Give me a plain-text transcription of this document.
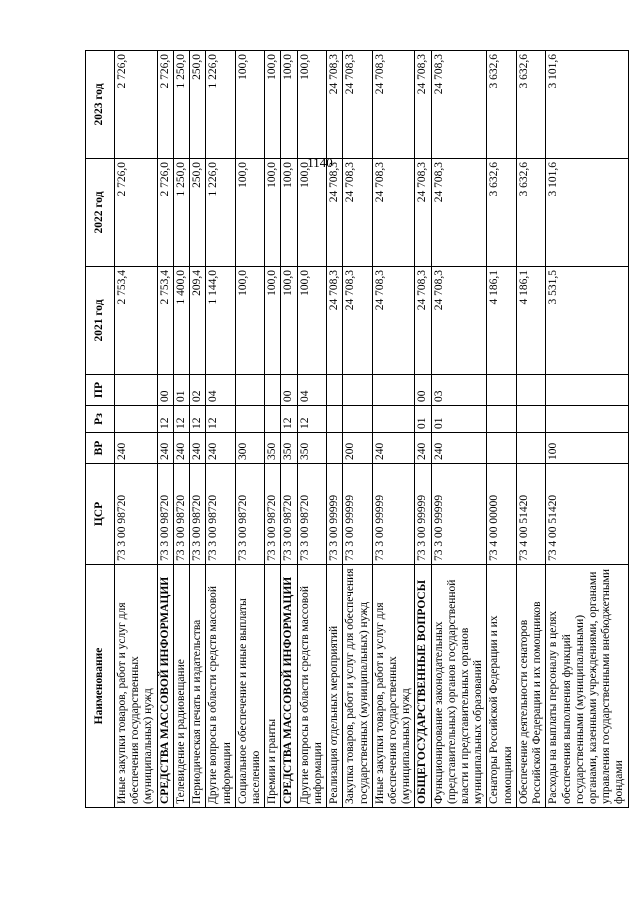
1140
Наименование	ЦСР	ВР	Рз	ПР	2021 год	2022 год	2023 год
Иные закупки товаров, работ и услуг для обеспечения государственных (муниципальных) нужд	73 3 00 98720	240			2 753,4	2 726,0	2 726,0
СРЕДСТВА МАССОВОЙ ИНФОРМАЦИИ	73 3 00 98720	240	12	00	2 753,4	2 726,0	2 726,0
Телевидение и радиовещание	73 3 00 98720	240	12	01	1 400,0	1 250,0	1 250,0
Периодическая печать и издательства	73 3 00 98720	240	12	02	209,4	250,0	250,0
Другие вопросы в области средств массовой информации	73 3 00 98720	240	12	04	1 144,0	1 226,0	1 226,0
Социальное обеспечение и иные выплаты населению	73 3 00 98720	300			100,0	100,0	100,0
Премии и гранты	73 3 00 98720	350			100,0	100,0	100,0
СРЕДСТВА МАССОВОЙ ИНФОРМАЦИИ	73 3 00 98720	350	12	00	100,0	100,0	100,0
Другие вопросы в области средств массовой информации	73 3 00 98720	350	12	04	100,0	100,0	100,0
Реализация отдельных мероприятий	73 3 00 99999				24 708,3	24 708,3	24 708,3
Закупка товаров, работ и услуг для обеспечения государственных (муниципальных) нужд	73 3 00 99999	200			24 708,3	24 708,3	24 708,3
Иные закупки товаров, работ и услуг для обеспечения государственных (муниципальных) нужд	73 3 00 99999	240			24 708,3	24 708,3	24 708,3
ОБЩЕГОСУДАРСТВЕННЫЕ ВОПРОСЫ	73 3 00 99999	240	01	00	24 708,3	24 708,3	24 708,3
Функционирование законодательных (представительных) органов государственной власти и представительных органов муниципальных образований	73 3 00 99999	240	01	03	24 708,3	24 708,3	24 708,3
Сенаторы Российской Федерации и их помощники	73 4 00 00000				4 186,1	3 632,6	3 632,6
Обеспечение деятельности сенаторов Российской Федерации и их помощников	73 4 00 51420				4 186,1	3 632,6	3 632,6
Расходы на выплаты персоналу в целях обеспечения выполнения функций государственными (муниципальными) органами, казенными учреждениями, органами управления государственными внебюджетными фондами	73 4 00 51420	100			3 531,5	3 101,6	3 101,6
